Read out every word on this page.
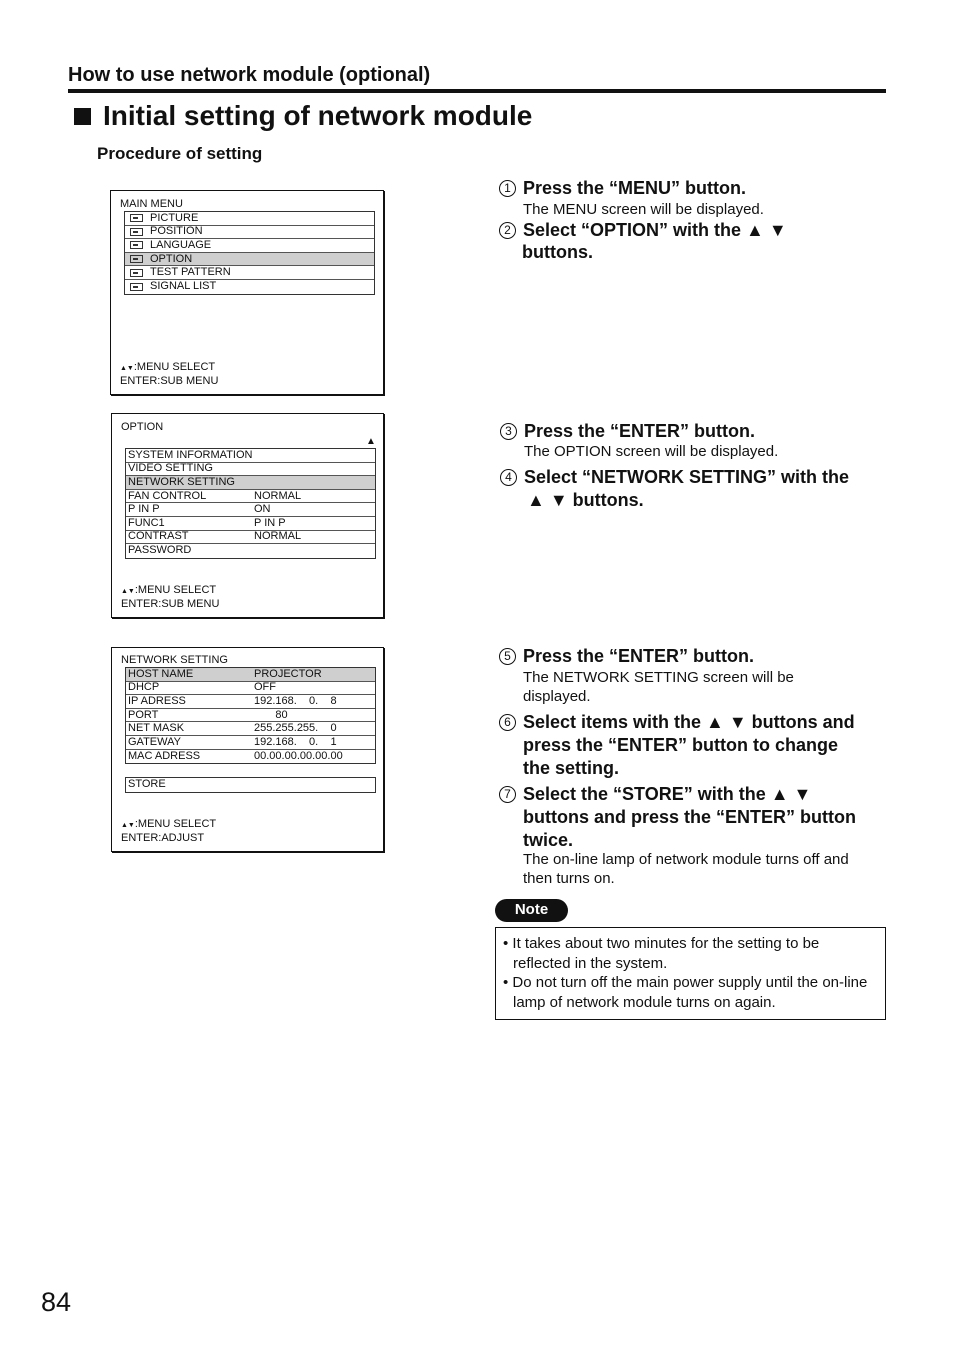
How to use network module (optional)
Initial setting of network module
Procedure of setting
MAIN MENU
PICTURE
POSITION
LANGUAGE
OPTION
TEST PATTERN
SIGNAL LIST
▲▼:MENU SELECT
ENTER:SUB MENU
OPTION
▲
SYSTEM INFORMATION
VIDEO SETTING
NETWORK SETTING
FAN CONTROL	NORMAL
P IN P	ON
FUNC1	P IN P
CONTRAST	NORMAL
PASSWORD
▲▼:MENU SELECT
ENTER:SUB MENU
NETWORK SETTING
HOST NAME	PROJECTOR
DHCP	OFF
IP ADRESS	192.168.    0.    8
PORT	80
NET MASK	255.255.255.    0
GATEWAY	192.168.    0.    1
MAC ADRESS	00.00.00.00.00.00
STORE
▲▼:MENU SELECT
ENTER:ADJUST
1 Press the “MENU” button.
The MENU screen will be displayed.
2 Select “OPTION” with the ▲ ▼
buttons.
3 Press the “ENTER” button.
The OPTION screen will be displayed.
4 Select “NETWORK SETTING” with the
▲ ▼ buttons.
5 Press the “ENTER” button.
The NETWORK SETTING screen will be
displayed.
6 Select items with the ▲ ▼ buttons and
press the “ENTER” button to change
the setting.
7 Select the “STORE” with the ▲ ▼
buttons and press the “ENTER” button
twice.
The on-line lamp of network module turns off and
then turns on.
Note
• It takes about two minutes for the setting to be reflected in the system.
• Do not turn off the main power supply until the on-line lamp of network module turns on again.
84
